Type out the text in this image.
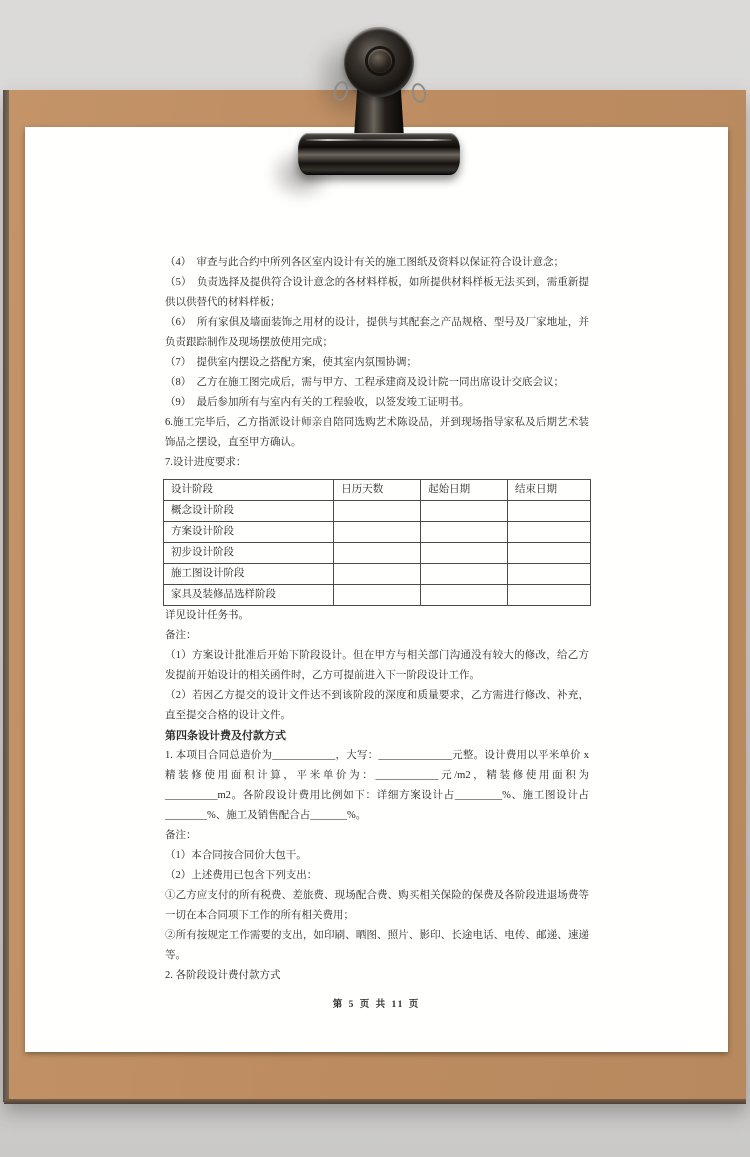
（4）　审查与此合约中所列各区室内设计有关的施工图纸及资料以保证符合设计意念；

（5）　负责选择及提供符合设计意念的各材料样板，如所提供材料样板无法买到，需重新提供以供替代的材料样板；

（6）　所有家俱及墙面装饰之用材的设计，提供与其配套之产品规格、型号及厂家地址，并负责跟踪制作及现场摆放使用完成；

（7）　提供室内摆设之搭配方案，使其室内氛围协调；

（8）　乙方在施工图完成后，需与甲方、工程承建商及设计院一同出席设计交底会议；

（9）　最后参加所有与室内有关的工程验收，以签发竣工证明书。

6.施工完毕后，乙方指派设计师亲自陪同选购艺术陈设品，并到现场指导家私及后期艺术装饰品之摆设，直至甲方确认。

7.设计进度要求：

设计阶段	日历天数	起始日期	结束日期
概念设计阶段			
方案设计阶段			
初步设计阶段			
施工图设计阶段			
家具及装修品选样阶段			

详见设计任务书。

备注：

（1）方案设计批准后开始下阶段设计。但在甲方与相关部门沟通没有较大的修改，给乙方发提前开始设计的相关函件时，乙方可提前进入下一阶段设计工作。

（2）若因乙方提交的设计文件达不到该阶段的深度和质量要求，乙方需进行修改、补充，直至提交合格的设计文件。

第四条设计费及付款方式

1. 本项目合同总造价为____________，大写：______________元整。设计费用以平米单价 x 精装修使用面积计算，平米单价为：____________元/m2，精装修使用面积为__________m2。各阶段设计费用比例如下：详细方案设计占_________%、施工图设计占________%、施工及销售配合占_______%。

备注：

（1）本合同按合同价大包干。

（2）上述费用已包含下列支出：

①乙方应支付的所有税费、差旅费、现场配合费、购买相关保险的保费及各阶段进退场费等一切在本合同项下工作的所有相关费用；

②所有按规定工作需要的支出，如印刷、晒图、照片、影印、长途电话、电传、邮递、速递等。

2. 各阶段设计费付款方式

第 5 页 共 11 页
